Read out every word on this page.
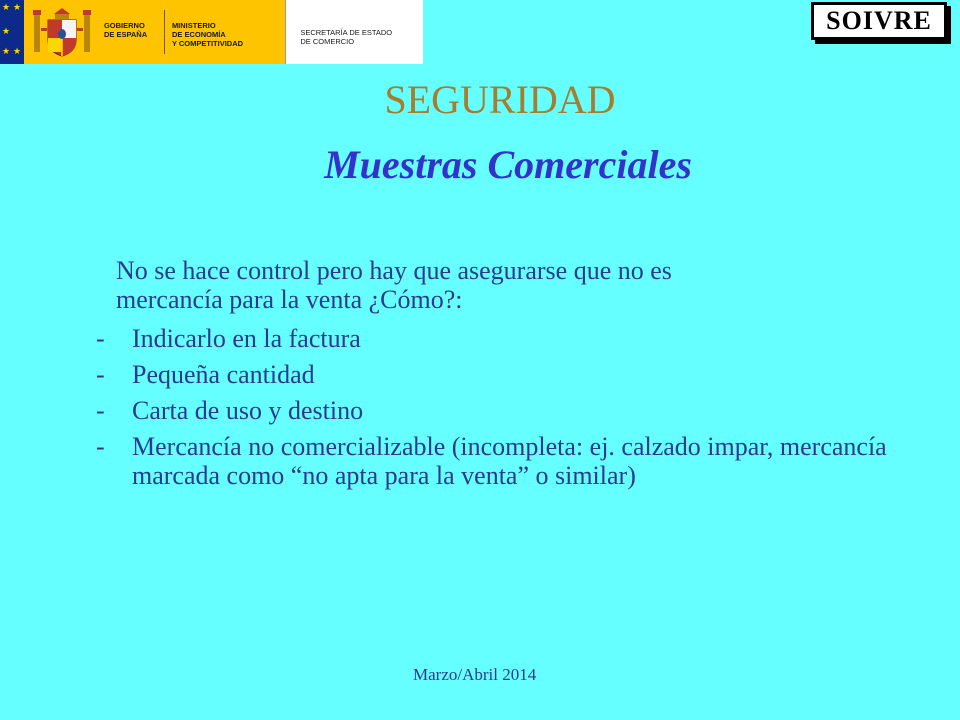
★ ★
★
★ ★
GOBIERNO
DE ESPAÑA
MINISTERIO
DE ECONOMÍA
Y COMPETITIVIDAD
SECRETARÍA DE ESTADO
DE COMERCIO
SOIVRE
SEGURIDAD
Muestras Comerciales
No se hace control pero hay que asegurarse que no es
mercancía para la venta ¿Cómo?:
-	Indicarlo en la factura
-	Pequeña cantidad
-	Carta de uso y destino
-	Mercancía no comercializable (incompleta: ej. calzado impar, mercancía marcada como “no apta para la venta” o similar)
Marzo/Abril 2014
